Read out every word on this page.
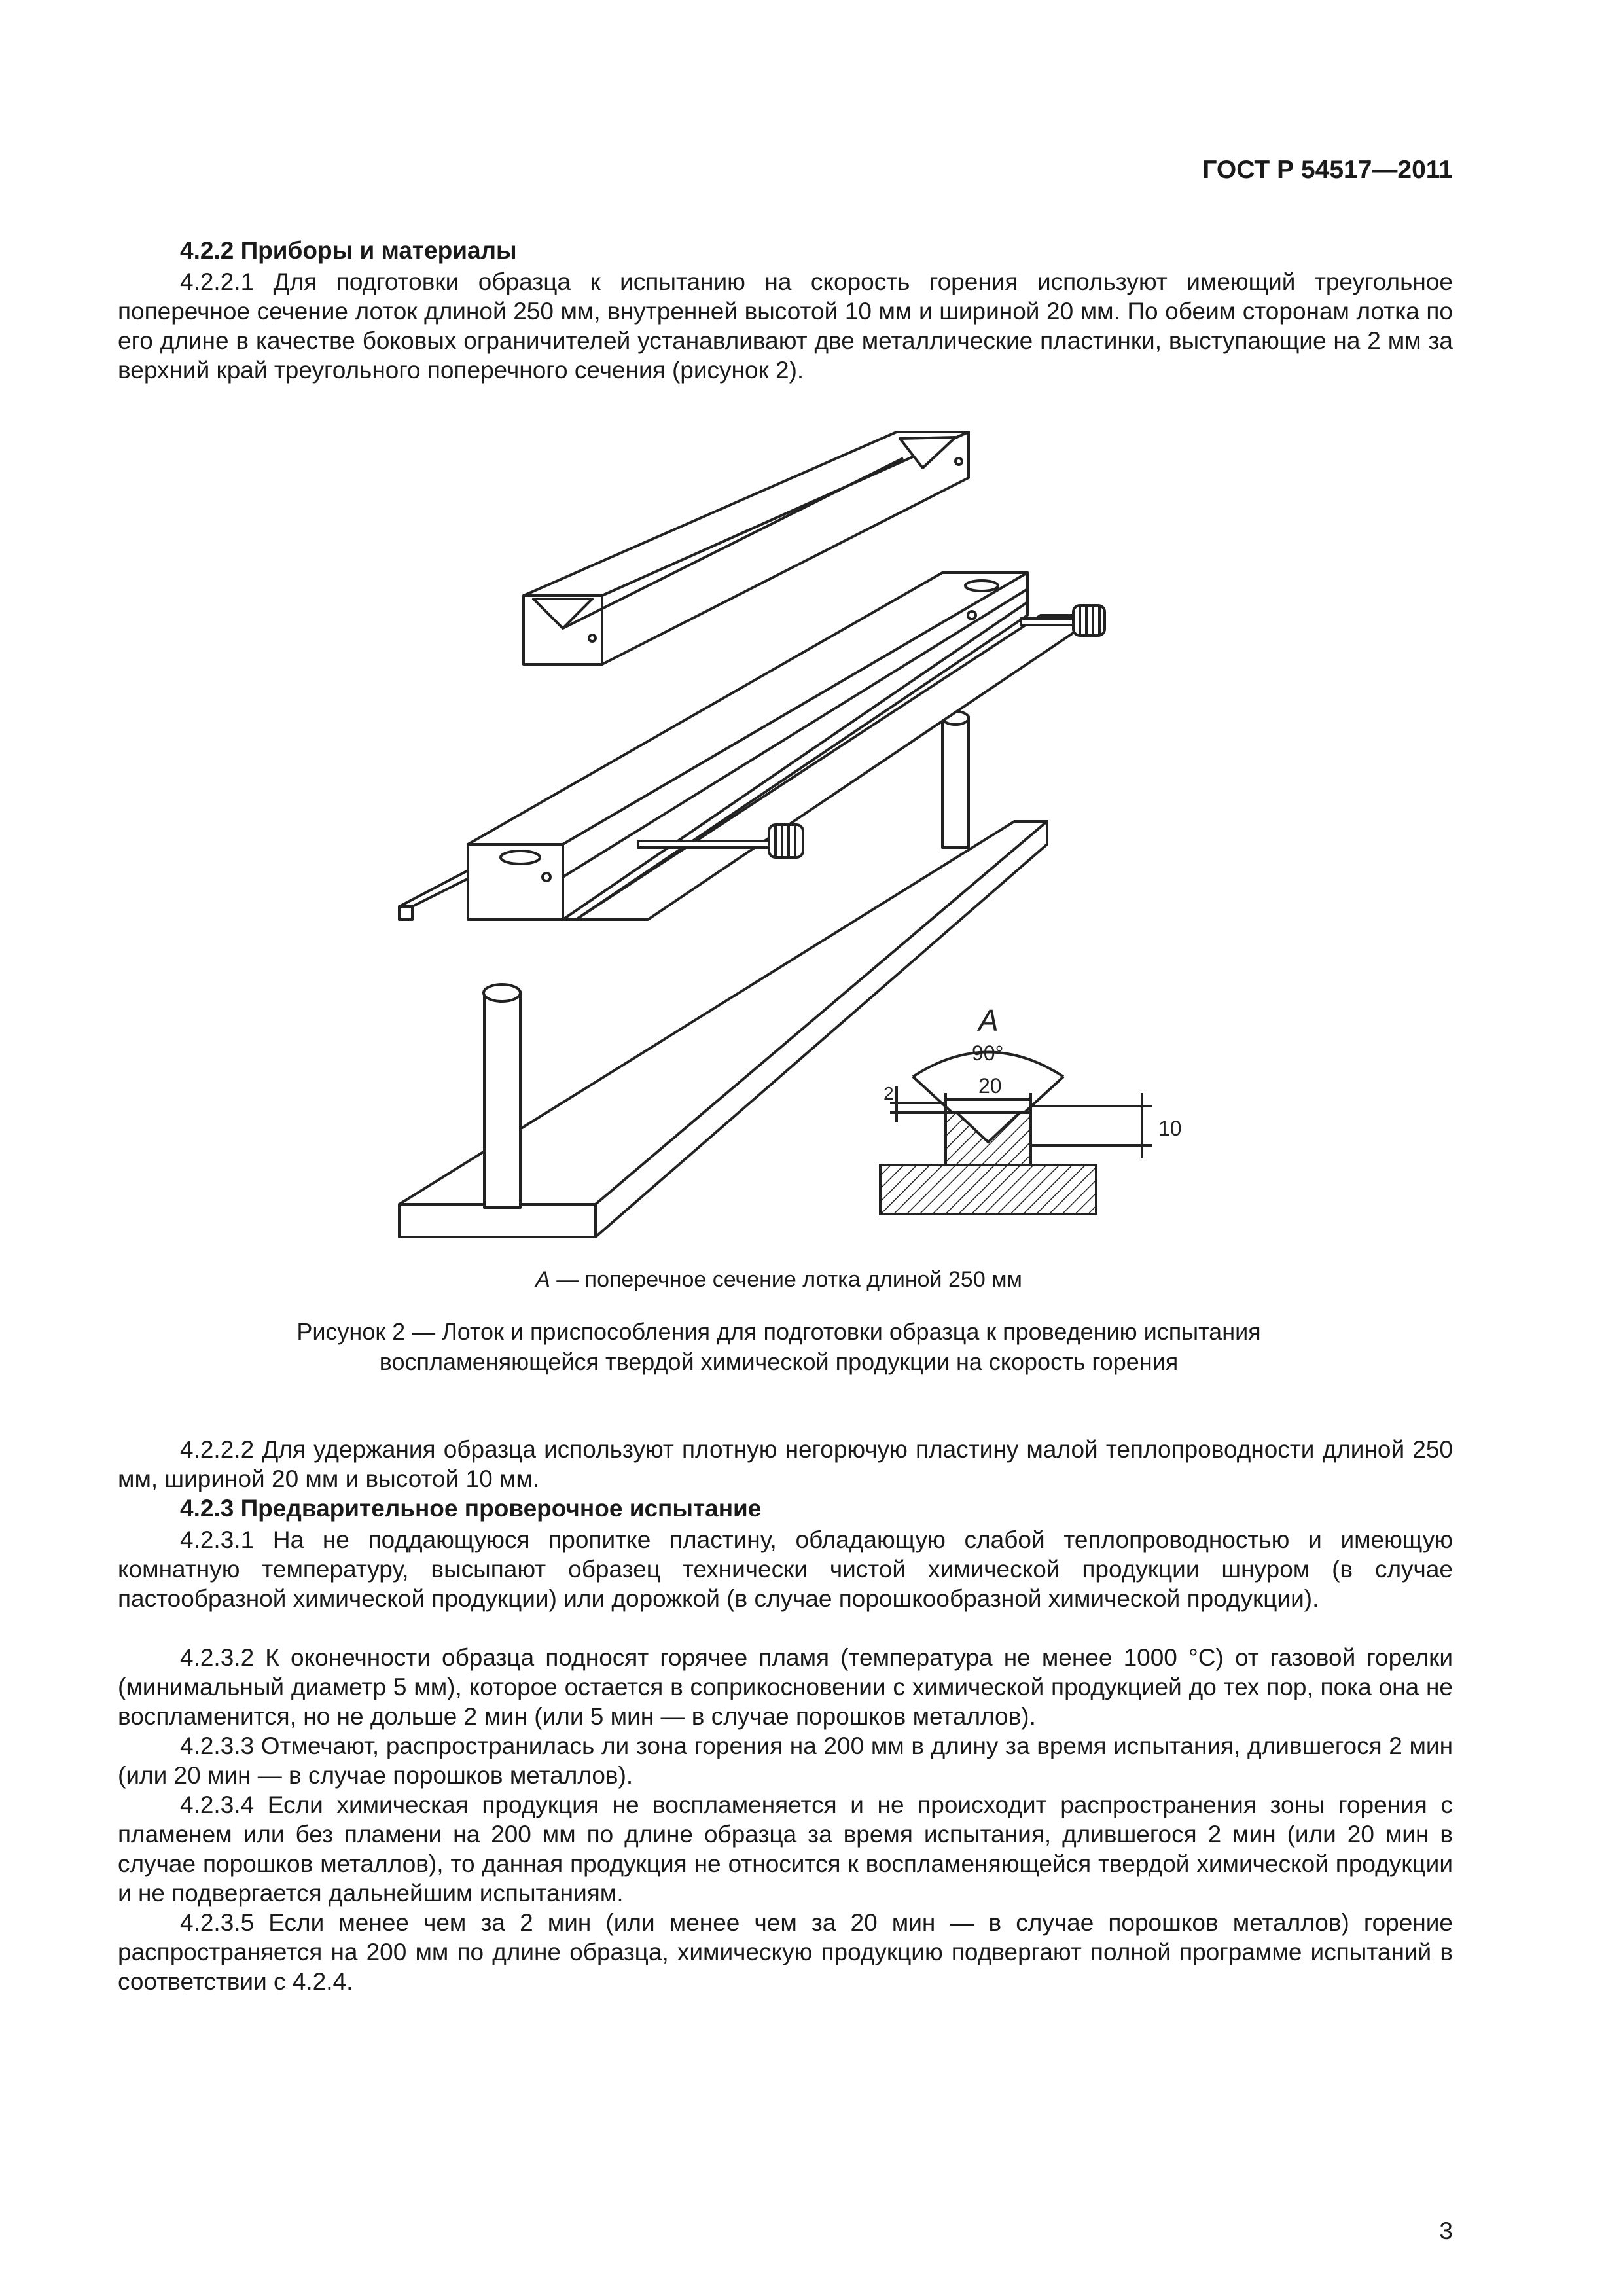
ГОСТ Р 54517—2011
4.2.2 Приборы и материалы
4.2.2.1 Для подготовки образца к испытанию на скорость горения используют имеющий треугольное поперечное сечение лоток длиной 250 мм, внутренней высотой 10 мм и шириной 20 мм. По обеим сторонам лотка по его длине в качестве боковых ограничителей устанавливают две металлические пластинки, выступающие на 2 мм за верхний край треугольного поперечного сечения (рисунок 2).
А
90°
20
2
10
А — поперечное сечение лотка длиной 250 мм
Рисунок 2 — Лоток и приспособления для подготовки образца к проведению испытания
воспламеняющейся твердой химической продукции на скорость горения
4.2.2.2 Для удержания образца используют плотную негорючую пластину малой теплопроводности длиной 250 мм, шириной 20 мм и высотой 10 мм.
4.2.3 Предварительное проверочное испытание
4.2.3.1 На не поддающуюся пропитке пластину, обладающую слабой теплопроводностью и имеющую комнатную температуру, высыпают образец технически чистой химической продукции шнуром (в случае пастообразной химической продукции) или дорожкой (в случае порошкообразной химической продукции).
4.2.3.2 К оконечности образца подносят горячее пламя (температура не менее 1000 °С) от газовой горелки (минимальный диаметр 5 мм), которое остается в соприкосновении с химической продукцией до тех пор, пока она не воспламенится, но не дольше 2 мин (или 5 мин — в случае порошков металлов).
4.2.3.3 Отмечают, распространилась ли зона горения на 200 мм в длину за время испытания, длившегося 2 мин (или 20 мин — в случае порошков металлов).
4.2.3.4 Если химическая продукция не воспламеняется и не происходит распространения зоны горения с пламенем или без пламени на 200 мм по длине образца за время испытания, длившегося 2 мин (или 20 мин в случае порошков металлов), то данная продукция не относится к воспламеняющейся твердой химической продукции и не подвергается дальнейшим испытаниям.
4.2.3.5 Если менее чем за 2 мин (или менее чем за 20 мин — в случае порошков металлов) горение распространяется на 200 мм по длине образца, химическую продукцию подвергают полной программе испытаний в соответствии с 4.2.4.
3
